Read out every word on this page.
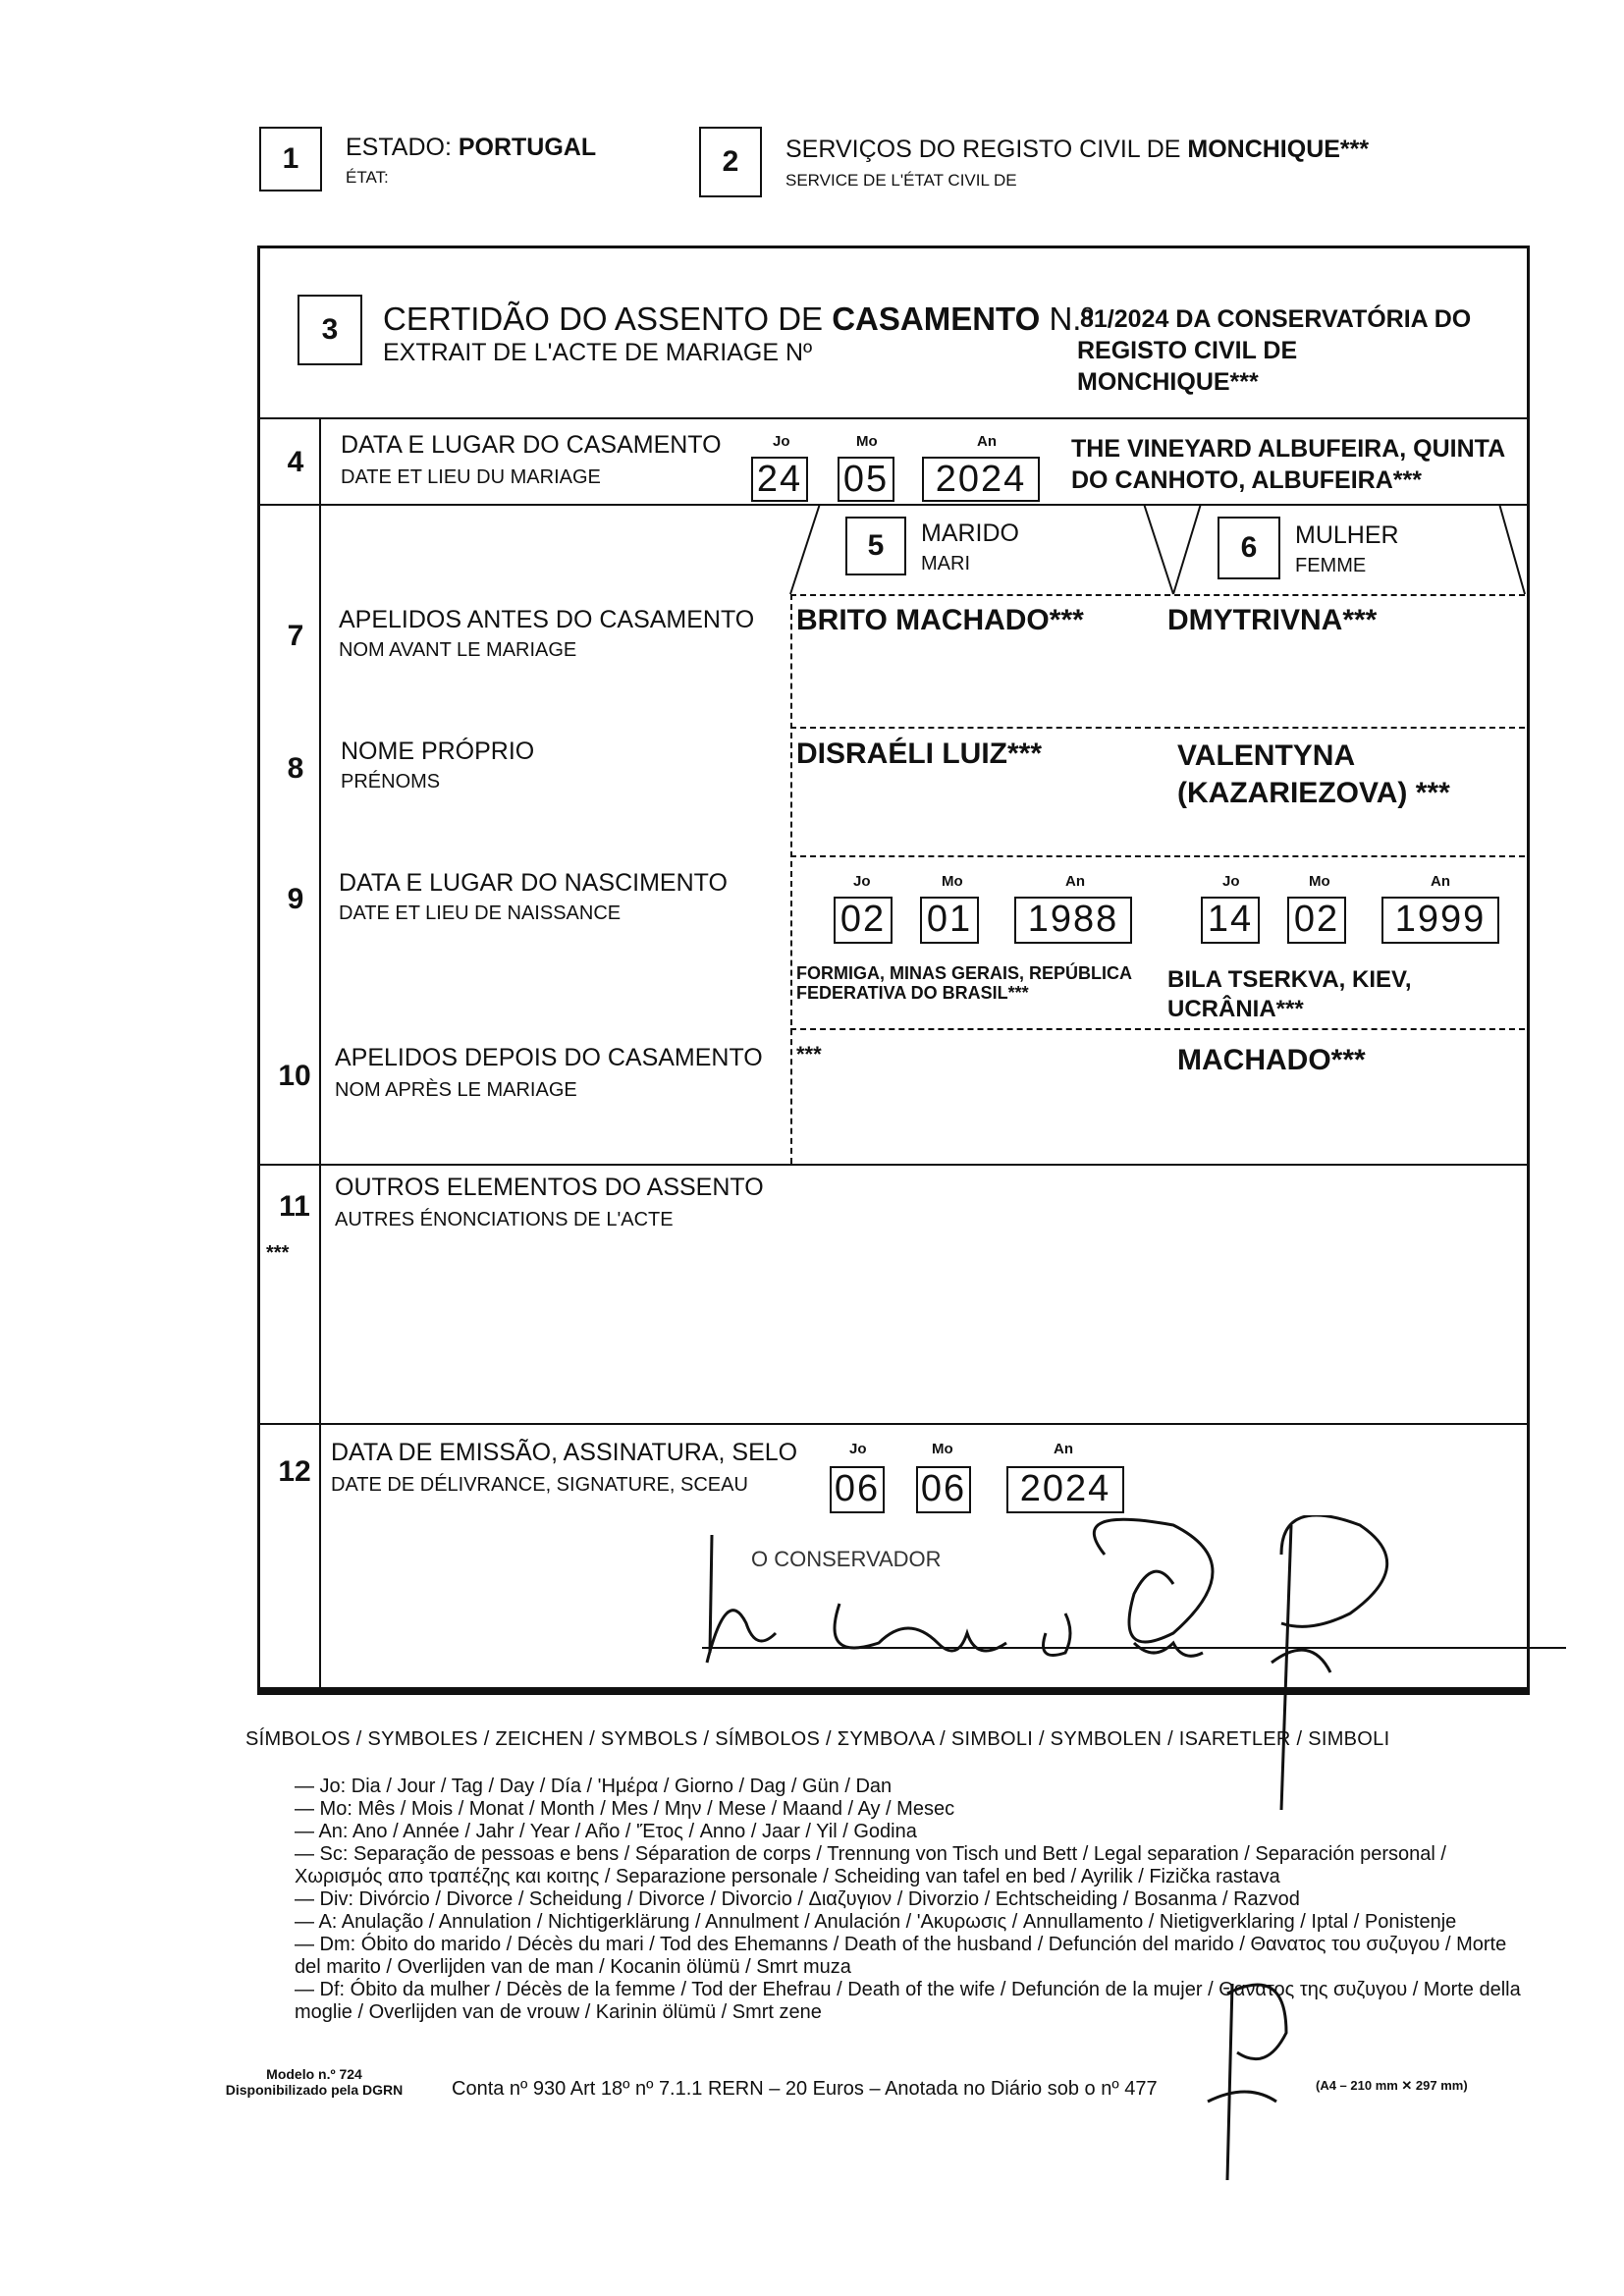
1	ESTADO: PORTUGAL
ÉTAT:	2	SERVIÇOS DO REGISTO CIVIL DE MONCHIQUE***
SERVICE DE L'ÉTAT CIVIL DE
3	CERTIDÃO DO ASSENTO DE CASAMENTO N.º
EXTRAIT DE L'ACTE DE MARIAGE Nº
81/2024 DA CONSERVATÓRIA DO
REGISTO CIVIL DE
MONCHIQUE***
4
DATA E LUGAR DO CASAMENTO
DATE ET LIEU DU MARIAGE
Jo	Mo	An
24 05	2024
THE VINEYARD ALBUFEIRA, QUINTA
DO CANHOTO, ALBUFEIRA***
5	MARIDO
MARI	6	MULHER
FEMME
7	APELIDOS ANTES DO CASAMENTO
NOM AVANT LE MARIAGE
BRITO MACHADO***	DMYTRIVNA***
8
NOME PRÓPRIO
PRÉNOMS
DISRAÉLI LUIZ***	VALENTYNA
(KAZARIEZOVA) ***
9	DATA E LUGAR DO NASCIMENTO
DATE ET LIEU DE NAISSANCE
Jo	Mo	An
02 01	1988
Jo	Mo	An
14 02	1999
FORMIGA, MINAS GERAIS, REPÚBLICA
FEDERATIVA DO BRASIL***	BILA TSERKVA, KIEV,
UCRÂNIA***
10
APELIDOS DEPOIS DO CASAMENTO
NOM APRÈS LE MARIAGE
***	MACHADO***
11
OUTROS ELEMENTOS DO ASSENTO
AUTRES ÉNONCIATIONS DE L'ACTE
***
12
DATA DE EMISSÃO, ASSINATURA, SELO
DATE DE DÉLIVRANCE, SIGNATURE, SCEAU
Jo	Mo	An
06 06	2024
O CONSERVADOR
SÍMBOLOS / SYMBOLES / ZEICHEN / SYMBOLS / SÍMBOLOS / ΣΥΜΒΟΛΑ / SIMBOLI / SYMBOLEN / ISARETLER / SIMBOLI
— Jo: Dia / Jour / Tag / Day / Día / 'Ημέρα / Giorno / Dag / Gün / Dan
— Mo: Mês / Mois / Monat / Month / Mes / Μην / Mese / Maand / Ay / Mesec
— An: Ano / Année / Jahr / Year / Año / 'Έτος / Anno / Jaar / Yil / Godina
— Sc: Separação de pessoas e bens / Séparation de corps / Trennung von Tisch und Bett / Legal separation / Separación personal / Χωρισμός απο τραπέζης και κοιτης / Separazione personale / Scheiding van tafel en bed / Ayrilik / Fizička rastava
— Div: Divórcio / Divorce / Scheidung / Divorce / Divorcio / Διαζυγιον / Divorzio / Echtscheiding / Bosanma / Razvod
— A: Anulação / Annulation / Nichtigerklärung / Annulment / Anulación / 'Ακυρωσις / Annullamento / Nietigverklaring / Iptal / Ponistenje
— Dm: Óbito do marido / Décès du mari / Tod des Ehemanns / Death of the husband / Defunción del marido / Θανατος του συζυγου / Morte del marito / Overlijden van de man / Kocanin ölümü / Smrt muza
— Df: Óbito da mulher / Décès de la femme / Tod der Ehefrau / Death of the wife / Defunción de la mujer / Θανατος της συζυγου / Morte della moglie / Overlijden van de vrouw / Karinin ölümü / Smrt zene
Modelo n.º 724
Disponibilizado pela DGRN	Conta nº 930 Art 18º nº 7.1.1 RERN – 20 Euros – Anotada no Diário sob o nº 477	(A4 – 210 mm ✕ 297 mm)
